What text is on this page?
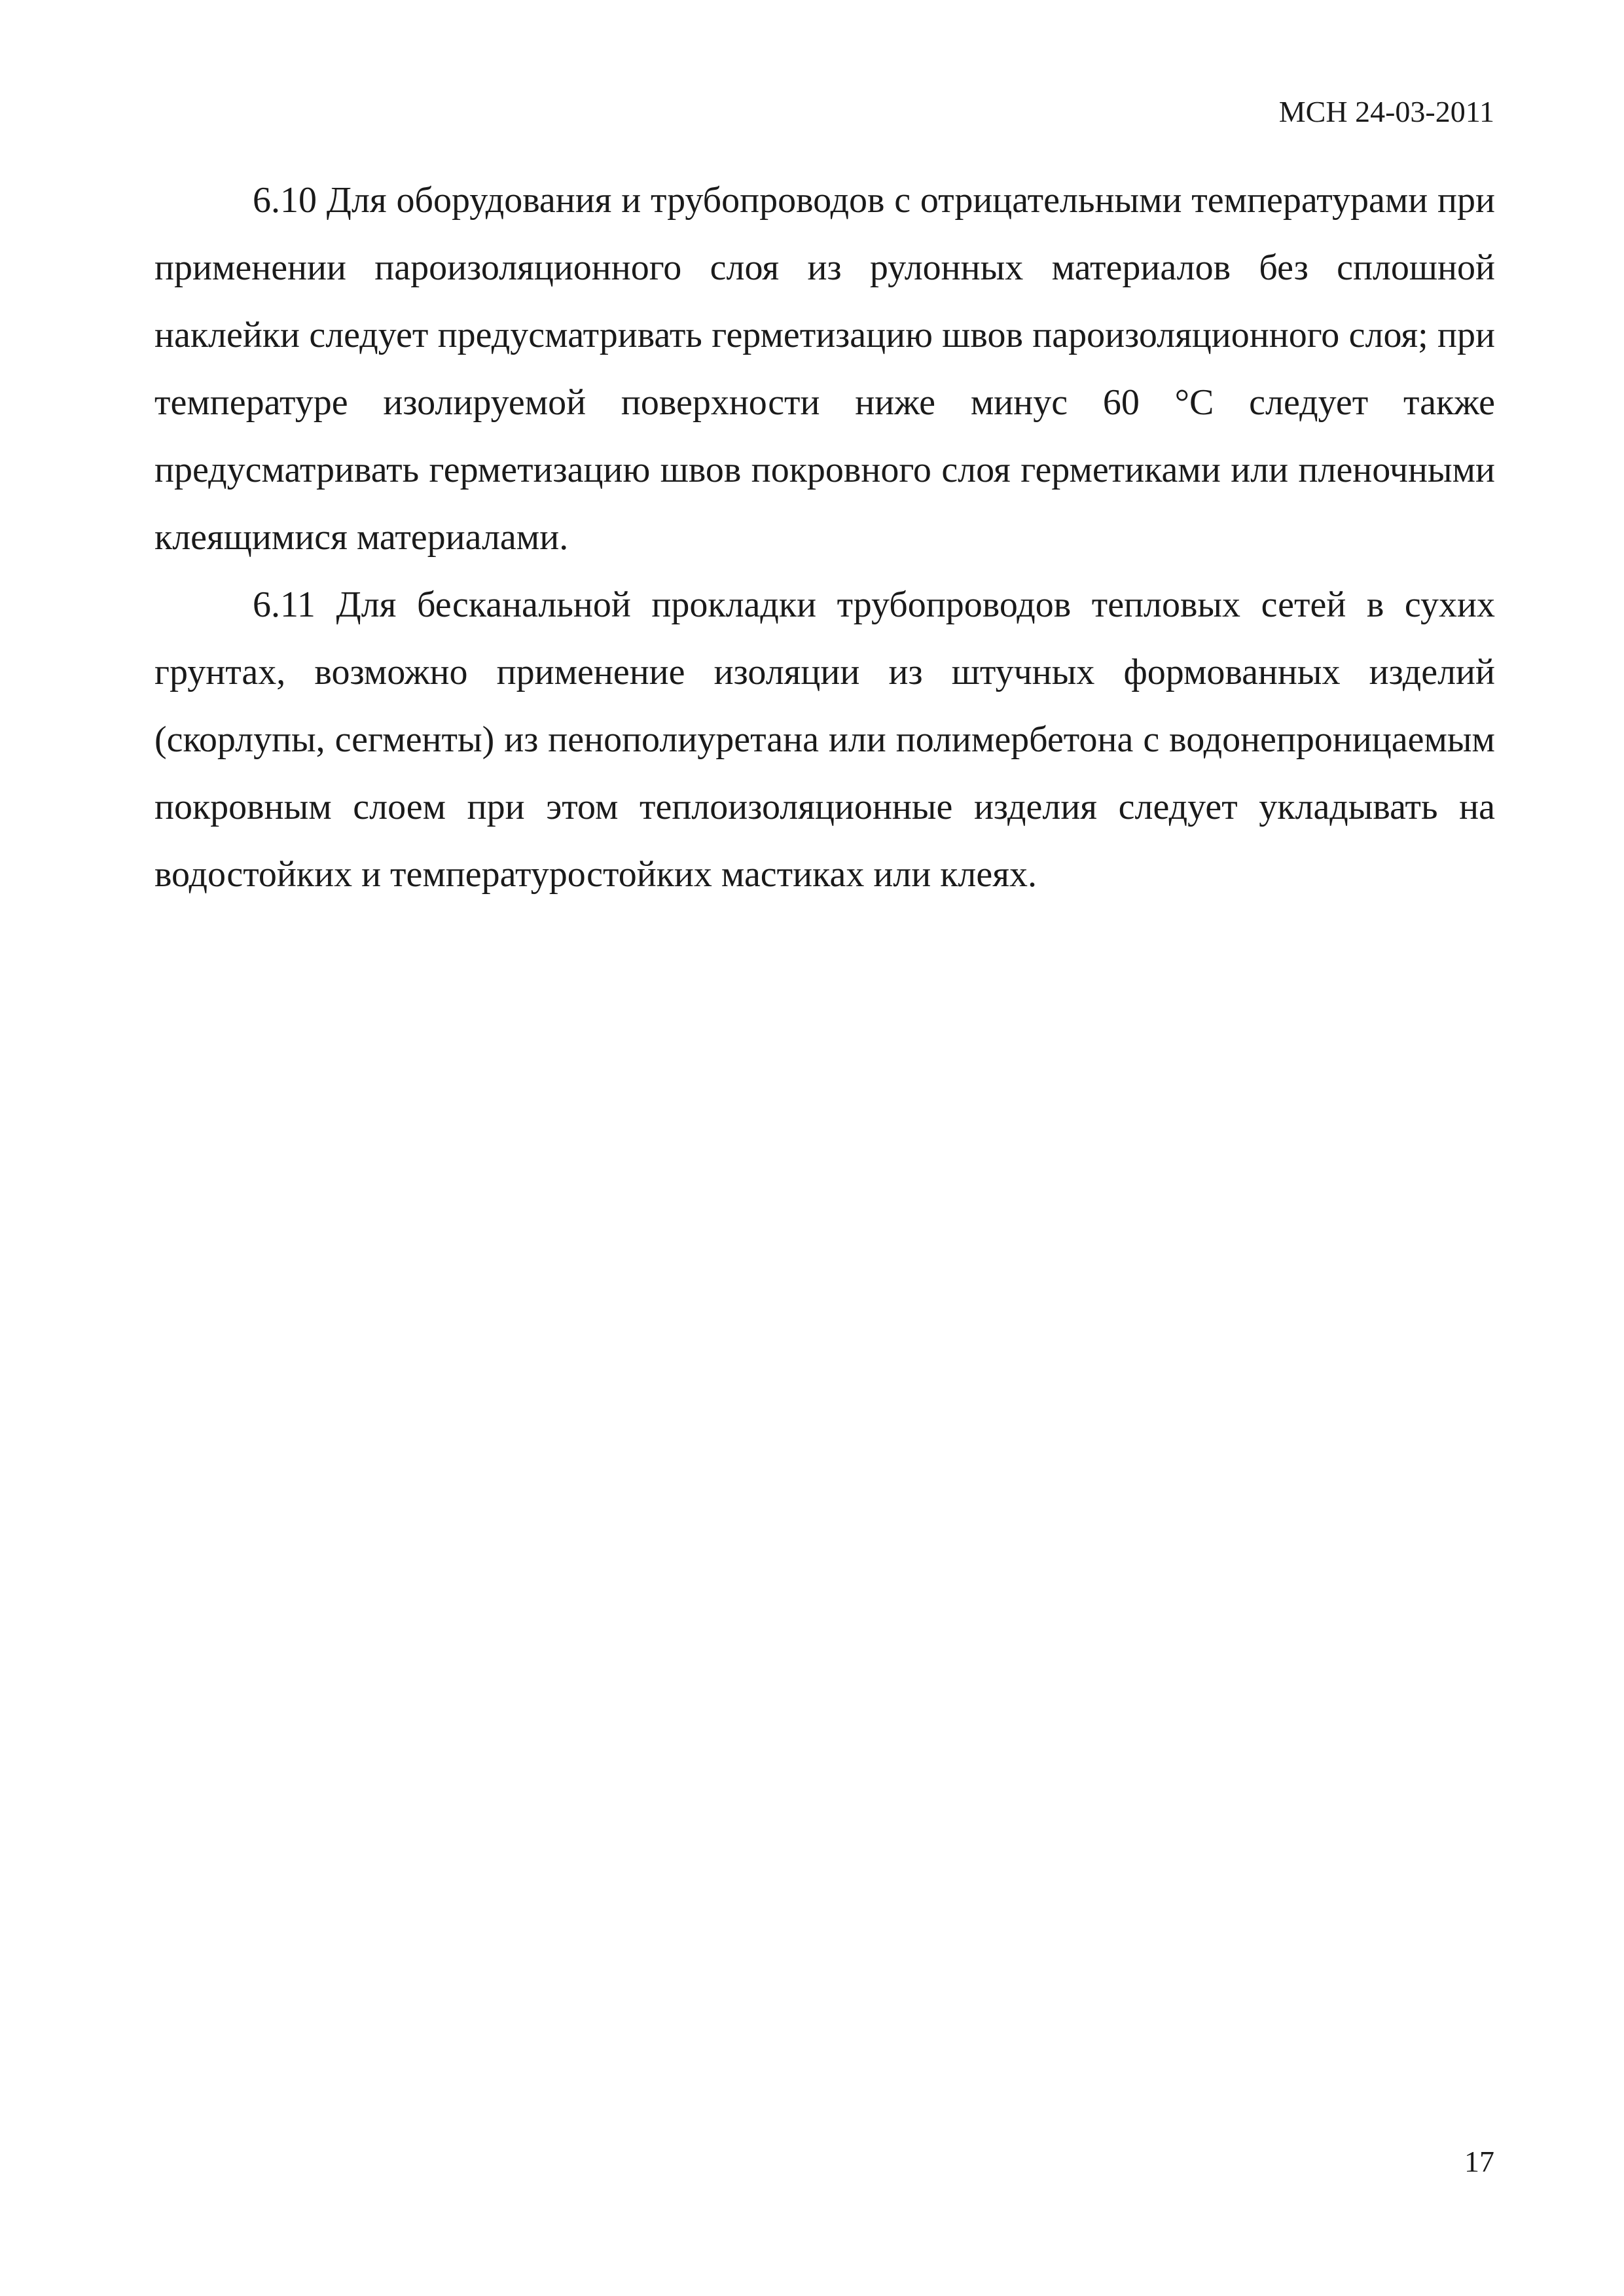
МСН 24-03-2011

6.10 Для оборудования и трубопроводов с отрицательными температурами при применении пароизоляционного слоя из рулонных материалов без сплошной наклейки следует предусматривать герметизацию швов пароизоляционного слоя; при температуре изолируемой поверхности ниже минус 60 °С следует также предусматривать герметизацию швов покровного слоя герметиками или пленочными клеящимися материалами.

6.11 Для бесканальной прокладки трубопроводов тепловых сетей в сухих грунтах, возможно применение изоляции из штучных формованных изделий (скорлупы, сегменты) из пенополиуретана или полимербетона с водонепроницаемым покровным слоем при этом теплоизоляционные изделия следует укладывать на водостойких и температуростойких мастиках или клеях.

17
